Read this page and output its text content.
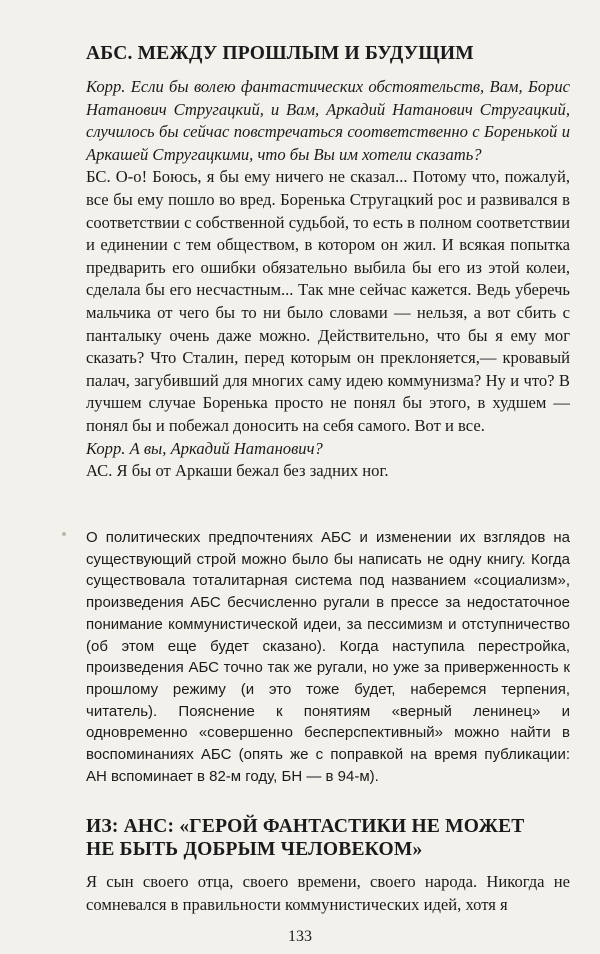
АБС. МЕЖДУ ПРОШЛЫМ И БУДУЩИМ

Корр. Если бы волею фантастических обстоятельств, Вам, Борис Натанович Стругацкий, и Вам, Аркадий Натанович Стругацкий, случилось бы сейчас повстречаться соответственно с Боренькой и Аркашей Стругацкими, что бы Вы им хотели сказать?

БС. О-о! Боюсь, я бы ему ничего не сказал... Потому что, пожалуй, все бы ему пошло во вред. Боренька Стругацкий рос и развивался в соответствии с собственной судьбой, то есть в полном соответствии и единении с тем обществом, в котором он жил. И всякая попытка предварить его ошибки обязательно выбила бы его из этой колеи, сделала бы его несчастным... Так мне сейчас кажется. Ведь уберечь мальчика от чего бы то ни было словами — нельзя, а вот сбить с панталыку очень даже можно. Действительно, что бы я ему мог сказать? Что Сталин, перед которым он преклоняется,— кровавый палач, загубивший для многих саму идею коммунизма? Ну и что? В лучшем случае Боренька просто не понял бы этого, в худшем — понял бы и побежал доносить на себя самого. Вот и все.

Корр. А вы, Аркадий Натанович?

АС. Я бы от Аркаши бежал без задних ног.

О политических предпочтениях АБС и изменении их взглядов на существующий строй можно было бы написать не одну книгу. Когда существовала тоталитарная система под названием «социализм», произведения АБС бесчисленно ругали в прессе за недостаточное понимание коммунистической идеи, за пессимизм и отступничество (об этом еще будет сказано). Когда наступила перестройка, произведения АБС точно так же ругали, но уже за приверженность к прошлому режиму (и это тоже будет, наберемся терпения, читатель). Пояснение к понятиям «верный ленинец» и одновременно «совершенно бесперспективный» можно найти в воспоминаниях АБС (опять же с поправкой на время публикации: АН вспоминает в 82-м году, БН — в 94-м).

ИЗ: АНС: «ГЕРОЙ ФАНТАСТИКИ НЕ МОЖЕТ
НЕ БЫТЬ ДОБРЫМ ЧЕЛОВЕКОМ»

Я сын своего отца, своего времени, своего народа. Никогда не сомневался в правильности коммунистических идей, хотя я

133
